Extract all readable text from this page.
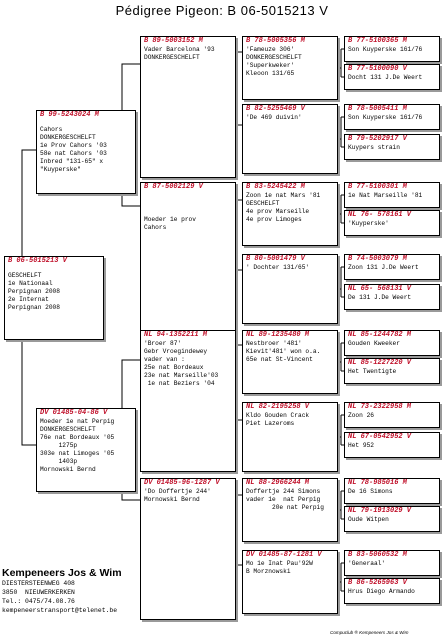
Pédigree Pigeon: B 06-5015213 V
B 06-5015213 V
GESCHELFT
1e Nationaal
Perpignan 2008
2e Internat
Perpignan 2008
B 99-5243024 M
Cahors
DONKERGESCHELFT
1e Prov Cahors '03
58e nat Cahors '03
Inbred "131-65" x
"Kuyperske"
DV 01485-04-86 V
Moeder 1e nat Perpig
DONKERGESCHELFT
76e nat Bordeaux '05
1275p
303e nat Limoges '05
1403p
Mornowski Bernd
B 89-5003152 M
Vader Barcelona '93
DONKERGESCHELFT
B 87-5002129 V
Moeder 1e prov
Cahors
NL 94-1352211 M
'Broer 87'
Gebr Vroegindewey
vader van :
25e nat Bordeaux
23e nat Marseille'03
1e nat Beziers '04
DV 01485-96-1287 V
'Do Doffertje 244'
Mornowski Bernd
B 78-5005356 M
'Fameuze 306'
DONKERGESCHELFT
'Superkweker'
Kleoon 131/65
B 82-5255469 V
'De 469 duivin'
B 83-5245422 M
Zoon 1e nat Mars '81
GESCHELFT
4e prov Marseille
4e prov Limoges
B 80-5001479 V
' Dochter 131/65'
NL 89-1235480 M
Nestbroer '481'
Kievit'481' won o.a.
65e nat St-Vincent
NL 82-2195258 V
Kldo Gouden Crack
Piet Lazeroms
NL 88-2966244 M
Doffertje 244 Simons
vader 1e  nat Perpig
20e nat Perpig
DV 01485-87-1281 V
Mo 1e Inat Pau'92W
B Morznowski
B 77-5100365 M
Son Kuyperske 161/76
B 77-5100090 V
Docht 131 J.De Weert
B 78-5005411 M
Son Kuyperske 161/76
B 79-5202917 V
Kuypers strain
B 77-5100301 M
1e Nat Marseille '81
NL 76- 578161 V
'Kuyperske'
B 74-5003079 M
Zoon 131 J.De Weert
NL 65- 568131 V
De 131 J.De Weert
NL 85-1244782 M
Gouden Kweeker
NL 85-1227220 V
Het Twentigte
NL 73-2322958 M
Zoon 26
NL 67-0542952 V
Het 952
NL 78-985016 M
De 16 Simons
NL 79-1913029 V
Oude Witpen
B 83-5060532 M
'Generaal'
B 86-5265963 V
Hrus Diego Armando
Kempeneers Jos & Wim
DIESTERSTEENWEG 408
3850  NIEUWERKERKEN
Tel.: 0475/74.08.76
kempeneerstransport@telenet.be
Compuclub ® Kempeneers Jos & Wim
